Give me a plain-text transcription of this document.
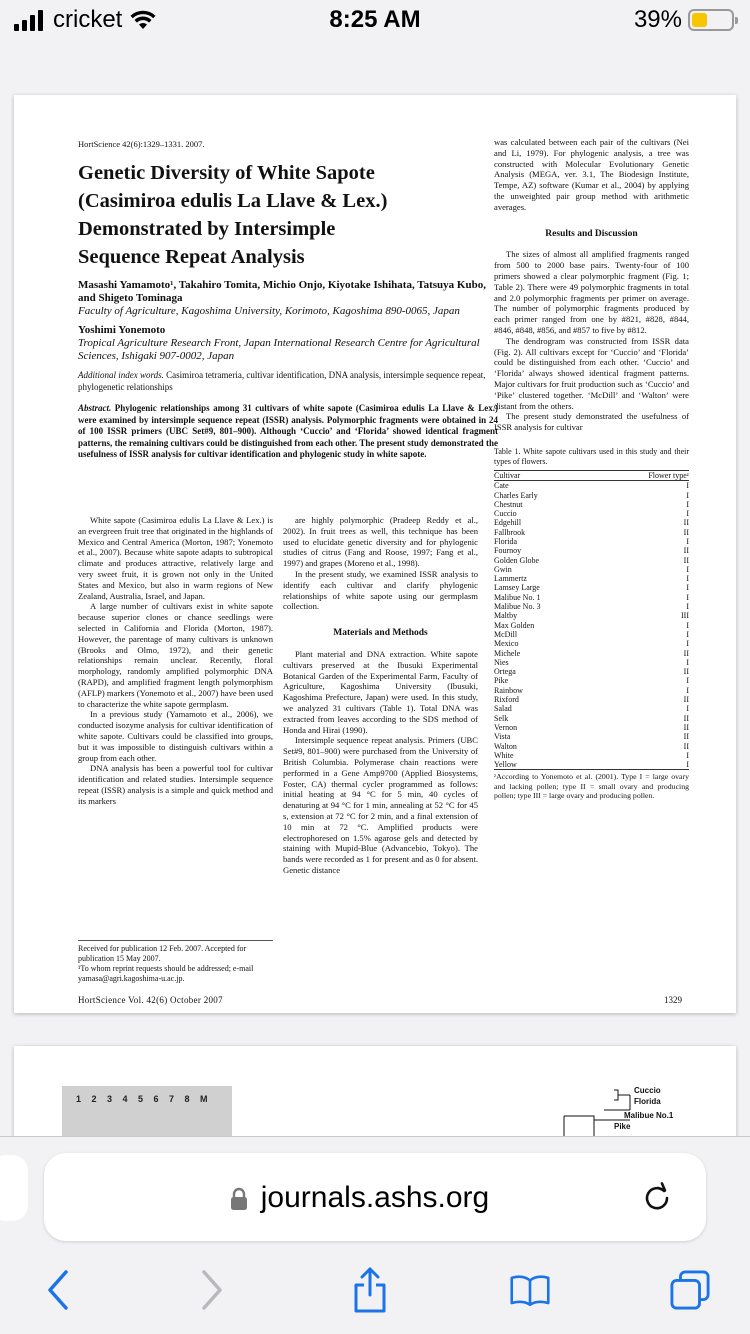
cricket	8:25 AM	39%
HortScience 42(6):1329–1331. 2007.
Genetic Diversity of White Sapote
(Casimiroa edulis La Llave & Lex.)
Demonstrated by Intersimple
Sequence Repeat Analysis
Masashi Yamamoto¹, Takahiro Tomita, Michio Onjo, Kiyotake Ishihata, Tatsuya Kubo, and Shigeto Tominaga
Faculty of Agriculture, Kagoshima University, Korimoto, Kagoshima 890-0065, Japan
Yoshimi Yonemoto
Tropical Agriculture Research Front, Japan International Research Centre for Agricultural Sciences, Ishigaki 907-0002, Japan
Additional index words. Casimiroa tetrameria, cultivar identification, DNA analysis, intersimple sequence repeat, phylogenetic relationships
Abstract. Phylogenic relationships among 31 cultivars of white sapote (Casimiroa edulis La Llave & Lex.) were examined by intersimple sequence repeat (ISSR) analysis. Polymorphic fragments were obtained in 24 of 100 ISSR primers (UBC Set#9, 801–900). Although ‘Cuccio’ and ‘Florida’ showed identical fragment patterns, the remaining cultivars could be distinguished from each other. The present study demonstrated the usefulness of ISSR analysis for cultivar identification and phylogenic study in white sapote.

White sapote (Casimiroa edulis La Llave & Lex.) is an evergreen fruit tree that originated in the highlands of Mexico and Central America (Morton, 1987; Yonemoto et al., 2007). Because white sapote adapts to subtropical climate and produces attractive, relatively large and very sweet fruit, it is grown not only in the United States and Mexico, but also in warm regions of New Zealand, Australia, Israel, and Japan.

A large number of cultivars exist in white sapote because superior clones or chance seedlings were selected in California and Florida (Morton, 1987). However, the parentage of many cultivars is unknown (Brooks and Olmo, 1972), and their genetic relationships remain unclear. Recently, floral morphology, randomly amplified polymorphic DNA (RAPD), and amplified fragment length polymorphism (AFLP) markers (Yonemoto et al., 2007) have been used to characterize the white sapote germplasm.

In a previous study (Yamamoto et al., 2006), we conducted isozyme analysis for cultivar identification of white sapote. Cultivars could be classified into groups, but it was impossible to distinguish cultivars within a group from each other.

DNA analysis has been a powerful tool for cultivar identification and related studies. Intersimple sequence repeat (ISSR) analysis is a simple and quick method and its markers

are highly polymorphic (Pradeep Reddy et al., 2002). In fruit trees as well, this technique has been used to elucidate genetic diversity and for phylogenic studies of citrus (Fang and Roose, 1997; Fang et al., 1997) and grapes (Moreno et al., 1998).

In the present study, we examined ISSR analysis to identify each cultivar and clarify phylogenic relationships of white sapote using our germplasm collection.

Materials and Methods

Plant material and DNA extraction. White sapote cultivars preserved at the Ibusuki Experimental Botanical Garden of the Experimental Farm, Faculty of Agriculture, Kagoshima University (Ibusuki, Kagoshima Prefecture, Japan) were used. In this study, we analyzed 31 cultivars (Table 1). Total DNA was extracted from leaves according to the SDS method of Honda and Hirai (1990).

Intersimple sequence repeat analysis. Primers (UBC Set#9, 801–900) were purchased from the University of British Columbia. Polymerase chain reactions were performed in a Gene Amp9700 (Applied Biosystems, Foster, CA) thermal cycler programmed as follows: initial heating at 94 °C for 5 min, 40 cycles of denaturing at 94 °C for 1 min, annealing at 52 °C for 45 s, extension at 72 °C for 2 min, and a final extension of 10 min at 72 °C. Amplified products were electrophoresed on 1.5% agarose gels and detected by staining with Mupid-Blue (Advancebio, Tokyo). The bands were recorded as 1 for present and as 0 for absent. Genetic distance

was calculated between each pair of the cultivars (Nei and Li, 1979). For phylogenic analysis, a tree was constructed with Molecular Evolutionary Genetic Analysis (MEGA, ver. 3.1, The Biodesign Institute, Tempe, AZ) software (Kumar et al., 2004) by applying the unweighted pair group method with arithmetic averages.

Results and Discussion

The sizes of almost all amplified fragments ranged from 500 to 2000 base pairs. Twenty-four of 100 primers showed a clear polymorphic fragment (Fig. 1; Table 2). There were 49 polymorphic fragments in total and 2.0 polymorphic fragments per primer on average. The number of polymorphic fragments produced by each primer ranged from one by #821, #828, #844, #846, #848, #856, and #857 to five by #812.

The dendrogram was constructed from ISSR data (Fig. 2). All cultivars except for ‘Cuccio’ and ‘Florida’ could be distinguished from each other. ‘Cuccio’ and ‘Florida’ always showed identical fragment patterns. Major cultivars for fruit production such as ‘Cuccio’ and ‘Pike’ clustered together. ‘McDill’ and ‘Walton’ were distant from the others.

The present study demonstrated the usefulness of ISSR analysis for cultivar

Table 1. White sapote cultivars used in this study and their types of flowers.
Cultivar	Flower typeᶻ
Cate	I
Charles Early	I
Chestnut	I
Cuccio	I
Edgehill	II
Fallbrook	II
Florida	I
Fournoy	II
Golden Globe	II
Gwin	I
Lammertz	I
Lamsey Large	I
Malibue No. 1	I
Malibue No. 3	I
Maltby	III
Max Golden	I
McDill	I
Mexico	I
Michele	II
Nies	I
Ortega	II
Pike	I
Rainbow	I
Rixford	II
Salad	I
Selk	II
Vernon	II
Vista	II
Walton	II
White	I
Yellow	I
ᶻAccording to Yonemoto et al. (2001). Type I = large ovary and lacking pollen; type II = small ovary and producing pollen; type III = large ovary and producing pollen.
Received for publication 12 Feb. 2007. Accepted for publication 15 May 2007.
¹To whom reprint requests should be addressed; e-mail yamasa@agri.kagoshima-u.ac.jp.
HortScience Vol. 42(6) October 2007	1329
1 2 3 4 5 6 7 8 M
Cuccio
Florida
Malibue No.1
Pike
journals.ashs.org
